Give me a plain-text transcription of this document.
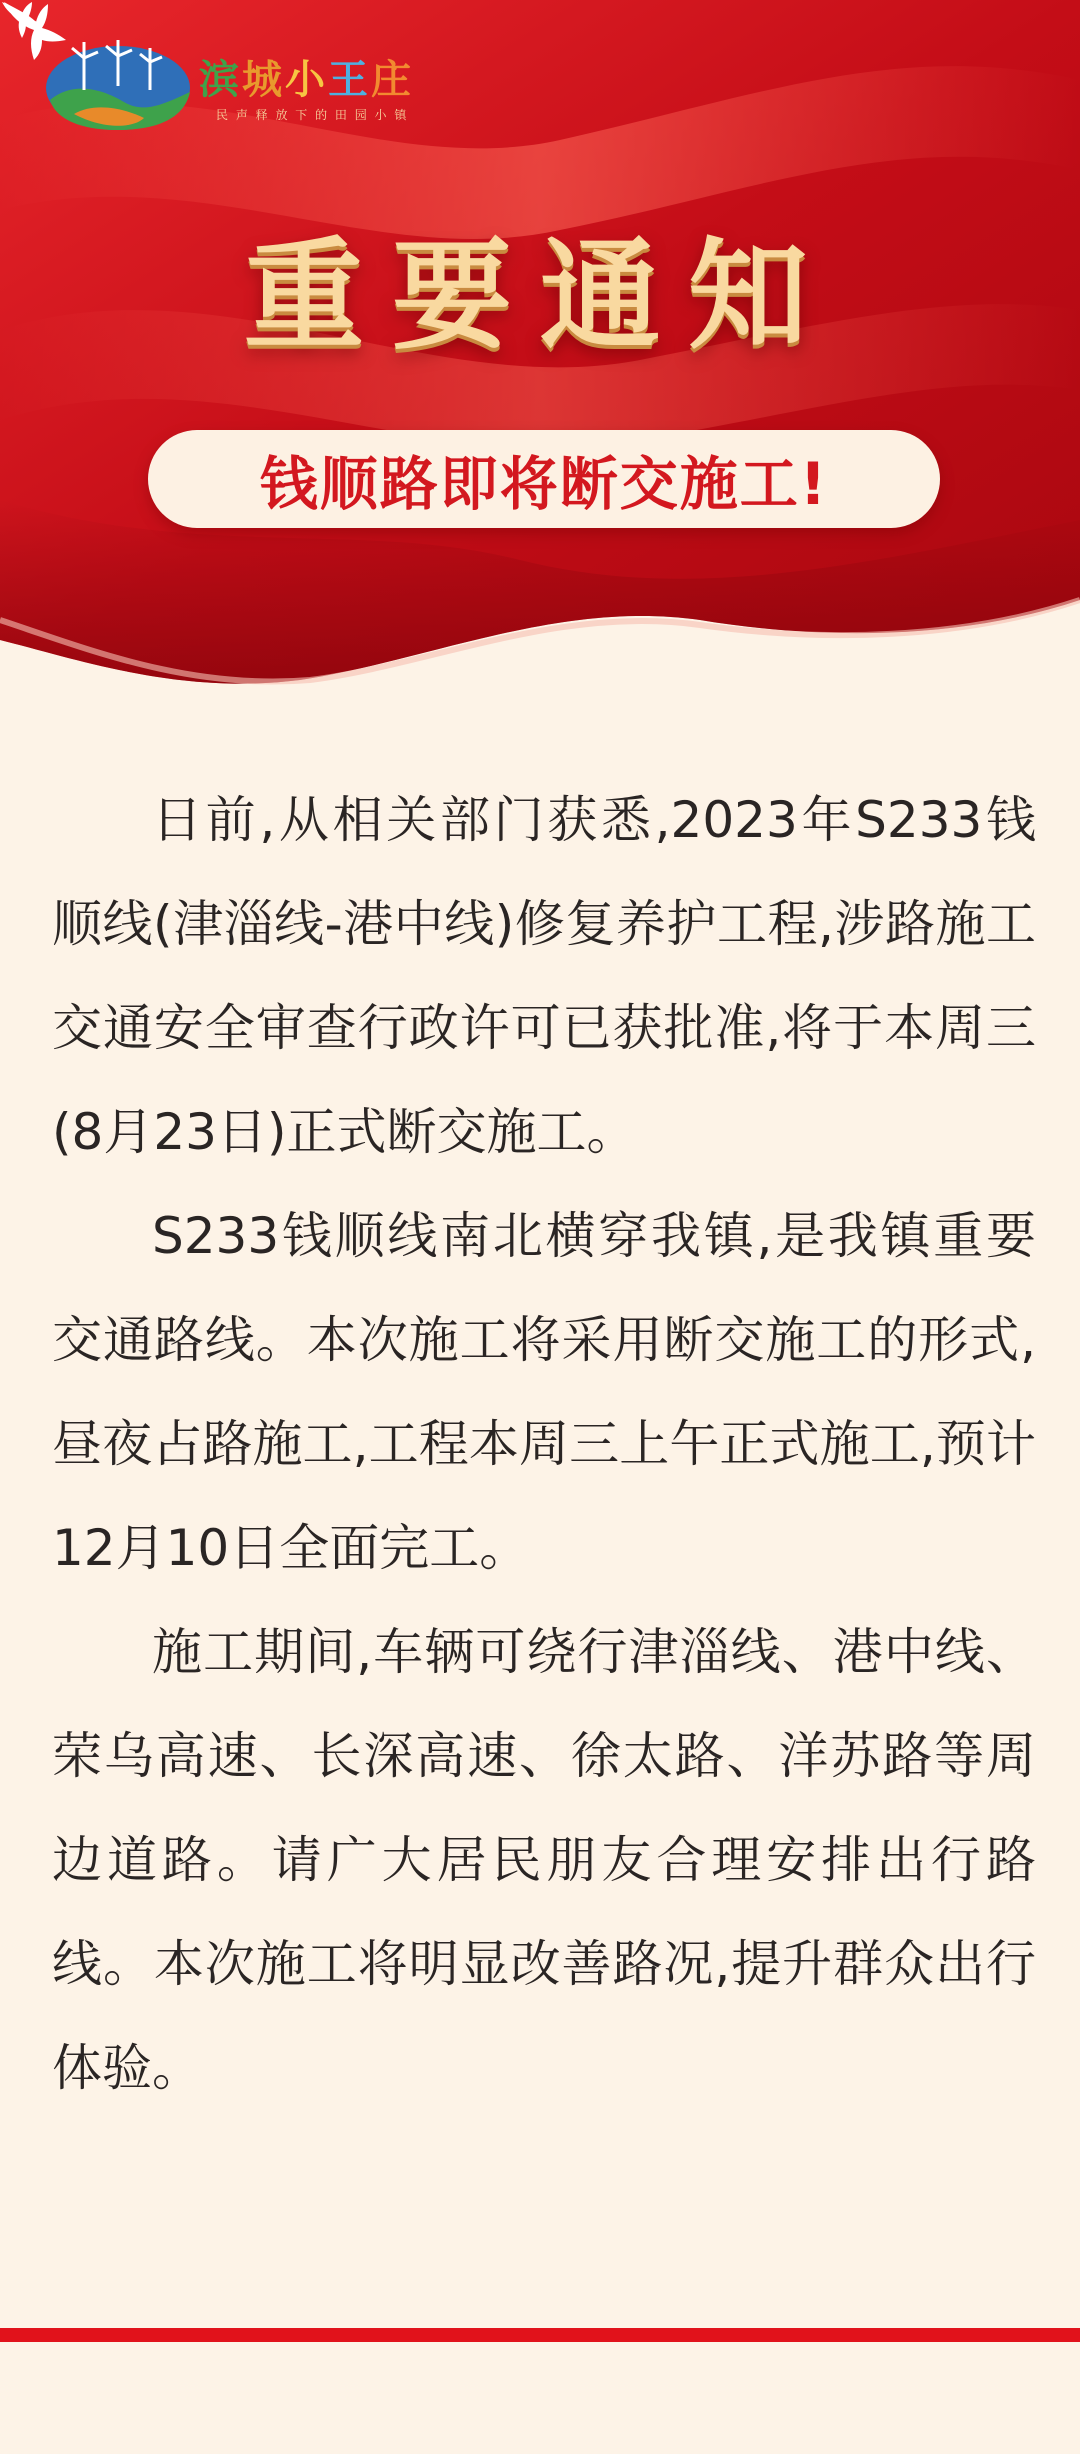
滨城小王庄
民 声 释 放 下 的 田 园 小 镇
重要通知
钱顺路即将断交施工!

日前,从相关部门获悉,2023年S233钱顺线(津淄线-港中线)修复养护工程,涉路施工交通安全审查行政许可已获批准,将于本周三(8月23日)正式断交施工。

S233钱顺线南北横穿我镇,是我镇重要交通路线。本次施工将采用断交施工的形式,昼夜占路施工,工程本周三上午正式施工,预计12月10日全面完工。

施工期间,车辆可绕行津淄线、港中线、荣乌高速、长深高速、徐太路、洋苏路等周边道路。请广大居民朋友合理安排出行路线。本次施工将明显改善路况,提升群众出行体验。
